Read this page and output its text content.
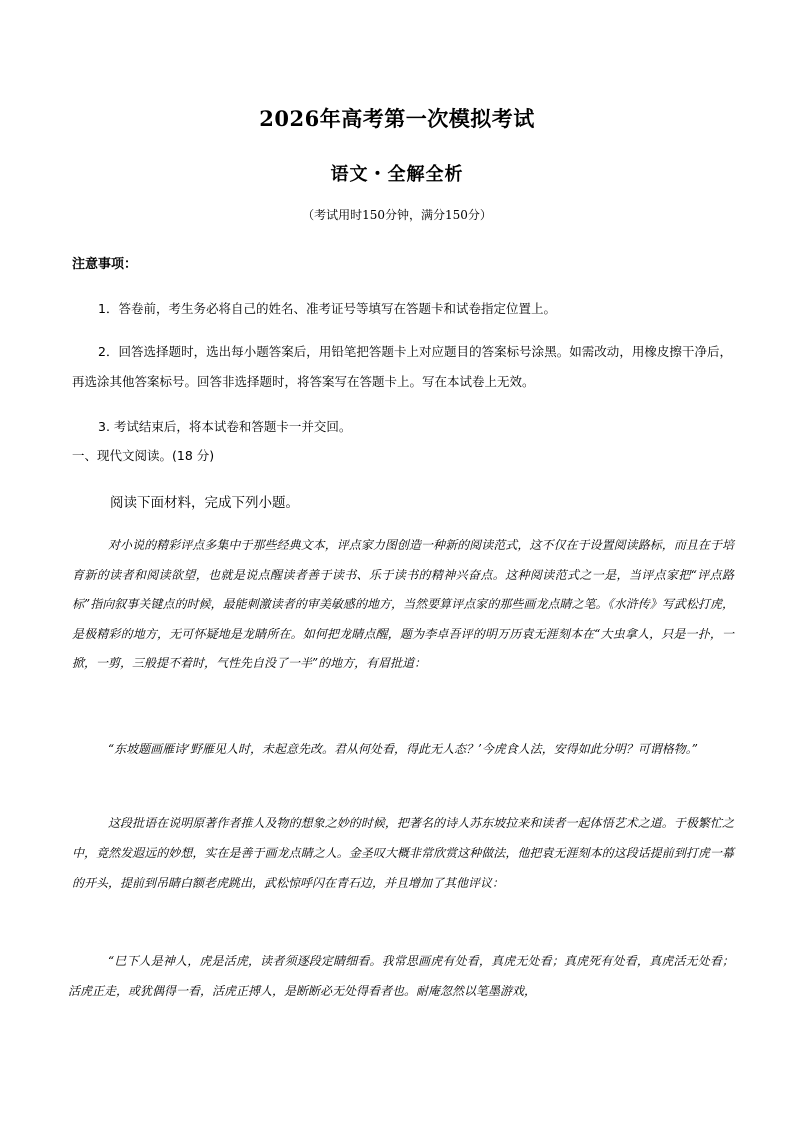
2026年高考第一次模拟考试
语文・全解全析
（考试用时150分钟，满分150分）
注意事项：
1．答卷前，考生务必将自己的姓名、准考证号等填写在答题卡和试卷指定位置上。
2．回答选择题时，选出每小题答案后，用铅笔把答题卡上对应题目的答案标号涂黑。如需改动，用橡皮擦干净后，再选涂其他答案标号。回答非选择题时，将答案写在答题卡上。写在本试卷上无效。
3. 考试结束后，将本试卷和答题卡一并交回。
一、现代文阅读。(18 分)
阅读下面材料，完成下列小题。
对小说的精彩评点多集中于那些经典文本，评点家力图创造一种新的阅读范式，这不仅在于设置阅读路标，而且在于培育新的读者和阅读欲望，也就是说点醒读者善于读书、乐于读书的精神兴奋点。这种阅读范式之一是，当评点家把“评点路标”指向叙事关键点的时候，最能刺激读者的审美敏感的地方，当然要算评点家的那些画龙点睛之笔。《水浒传》写武松打虎，是极精彩的地方，无可怀疑地是龙睛所在。如何把龙睛点醒，题为李卓吾评的明万历袁无涯刻本在“大虫拿人，只是一扑，一掀，一剪，三般提不着时，气性先自没了一半”的地方，有眉批道：
“东坡题画雁诗‘野雁见人时，未起意先改。君从何处看，得此无人态？’今虎食人法，安得如此分明？可谓格物。”
这段批语在说明原著作者推人及物的想象之妙的时候，把著名的诗人苏东坡拉来和读者一起体悟艺术之道。于极繁忙之中，竟然发遐远的妙想，实在是善于画龙点睛之人。金圣叹大概非常欣赏这种做法，他把袁无涯刻本的这段话提前到打虎一幕的开头，提前到吊睛白额老虎跳出，武松惊呼闪在青石边，并且增加了其他评议：
“巳下人是神人，虎是活虎，读者须逐段定睛细看。我常思画虎有处看，真虎无处看；真虎死有处看，真虎活无处看；活虎正走，或犹偶得一看，活虎正搏人，是断断必无处得看者也。耐庵忽然以笔墨游戏，
